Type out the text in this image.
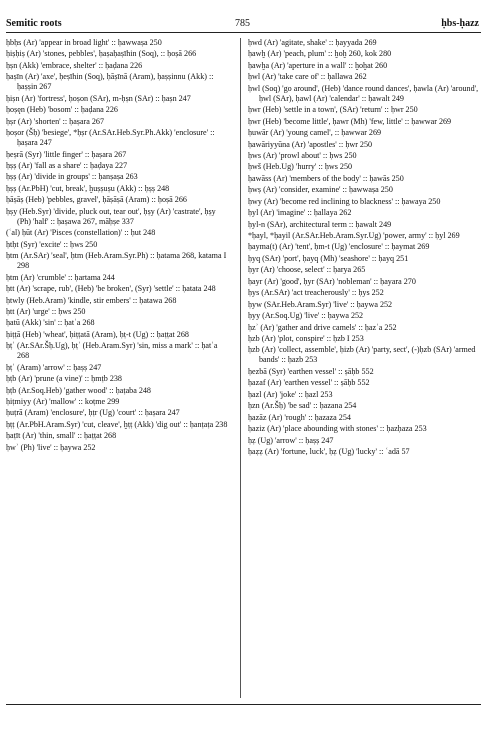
Semitic roots	785	ḥbs-ḥazz
ḥbḥs (Ar) 'appear in broad light' :: ḥawwaṣa 250
ḥiṣḥiṣ (Ar) 'stones, pebbles', ḥaṣaḥaṣīhin (Soq), :: ḥoṣā 266
ḥṣn (Akk) 'embrace, shelter' :: ḥaḍana 226
ḥaṣīn (Ar) 'axe', ḥeṣīhin (Soq), ḥāṣīnā (Aram), ḥaṣṣinnu (Akk) :: ḥaṣṣin 267
ḥiṣn (Ar) 'fortress', ḥoṣon (SAr), m-ḥṣn (SAr) :: ḥaṣn 247
ḥoṣęn (Heb) 'bosom' :: ḥaḍana 226
ḥṣr (Ar) 'shorten' :: ḥaṣara 267
ḥoṣor (Šḥ) 'besiege', *ḥṣr (Ar.SAr.Heb.Syr.Ph.Akk) 'enclosure' :: ḥaṣara 247
ḥeṣrā (Syr) 'little finger' :: ḥaṣara 267
ḥṣṣ (Ar) 'fall as a share' :: ḥaḍaya 227
ḥṣṣ (Ar) 'divide in groups' :: ḥanṣaṣa 263
ḥṣṣ (Ar.PbH) 'cut, break', ḫuṣṣuṣu (Akk) :: ḥṣṣ 248
ḥāṣāṣ (Heb) 'pebbles, gravel', ḥāṣāṣā (Aram) :: ḥoṣā 266
ḥṣy (Heb.Syr) 'divide, pluck out, tear out', ḥṣy (Ar) 'castrate', ḥṣy (Ph) 'half' :: ḥaṣawa 267, māḥṣe 337
(ʿal) ḥūt (Ar) 'Pisces (constellation)' :: ḥut 248
ḥtḥt (Syr) 'excite' :: ḥws 250
ḥtm (Ar.SAr) 'seal', ḥtm (Heb.Aram.Syr.Ph) :: ḥatama 268, katama I 298
ḥtm (Ar) 'crumble' :: ḥartama 244
ḥtt (Ar) 'scrape, rub', (Heb) 'be broken', (Syr) 'settle' :: ḥatata 248
ḥtwly (Heb.Aram) 'kindle, stir embers' :: ḥatawa 268
ḥtt (Ar) 'urge' :: ḥws 250
ḥatū (Akk) 'sin' :: ḥatʾa 268
ḥiṭṭā (Heb) 'wheat', ḥiṭṭatā (Aram), ḥṭ-t (Ug) :: ḥaṭṭat 268
ḥṭʾ (Ar.SAr.Šḥ.Ug), ḥṭʾ (Heb.Aram.Syr) 'sin, miss a mark' :: ḥatʾa 268
ḥṭʾ (Aram) 'arrow' :: ḥaṣṣ 247
ḥṭb (Ar) 'prune (a vine)' :: ḥmṭb 238
ḥṭb (Ar.Soq.Heb) 'gather wood' :: ḥaṭaba 248
ḥiṭmiyy (Ar) 'mallow' :: koṭme 299
ḥuṭrā (Aram) 'enclosure', ḥṭr (Ug) 'court' :: ḥaṣara 247
ḥṭṭ (Ar.PbH.Aram.Syr) 'cut, cleave', ḫṭṭ (Akk) 'dig out' :: ḥanṭaṭa 238
ḥaṭīt (Ar) 'thin, small' :: ḥaṭṭat 268
ḥwʾ (Ph) 'live' :: ḥaywa 252
ḥwd (Ar) 'agitate, shake' :: ḥayyada 269
ḥawḫ (Ar) 'peach, plum' :: ḫoḫ 260, kok 280
ḥawḫa (Ar) 'aperture in a wall' :: ḫoḫat 260
ḥwl (Ar) 'take care of' :: ḥallawa 262
ḥwl (Soq) 'go around', (Heb) 'dance round dances', ḥawla (Ar) 'around', ḥwl (SAr), ḥawl (Ar) 'calendar' :: ḥawalt 249
ḥwr (Heb) 'settle in a town', (SAr) 'return' :: ḥwr 250
ḥwr (Heb) 'become little', ḥawr (Mh) 'few, little' :: ḥawwar 269
ḥuwār (Ar) 'young camel', :: ḥawwar 269
ḥawāriyyūna (Ar) 'apostles' :: ḥwr 250
ḥws (Ar) 'prowl about' :: ḥws 250
ḥwš (Heb.Ug) 'hurry' :: ḥws 250
ḥawāss (Ar) 'members of the body' :: ḥawās 250
ḥwṣ (Ar) 'consider, examine' :: ḥawwaṣa 250
ḥwy (Ar) 'become red inclining to blackness' :: ḥawaya 250
ḥyl (Ar) 'imagine' :: ḥallaya 262
ḥyl-n (SAr), architectural term :: ḥawalt 249
*ḥayl, *ḥayil (Ar.SAr.Heb.Aram.Syr.Ug) 'power, army' :: ḥyl 269
ḥayma(t) (Ar) 'tent', ḥm-t (Ug) 'enclosure' :: ḥaymat 269
ḥyq (SAr) 'port', ḥayq (Mh) 'seashore' :: ḥayq 251
ḥyr (Ar) 'choose, select' :: ḥarya 265
ḥayr (Ar) 'good', ḥyr (SAr) 'nobleman' :: ḥayara 270
ḥys (Ar.SAr) 'act treacherously' :: ḥys 252
ḥyw (SAr.Heb.Aram.Syr) 'live' :: ḥaywa 252
ḥyy (Ar.Soq.Ug) 'live' :: ḥaywa 252
ḥzʾ (Ar) 'gather and drive camels' :: ḥazʾa 252
ḥzb (Ar) 'plot, conspire' :: ḥzb I 253
ḥzb (Ar) 'collect, assemble', ḥizb (Ar) 'party, sect', (-)ḥzb (SAr) 'armed bands' :: ḥazb 253
ḥezbā (Syr) 'earthen vessel' :: ṣāḥb 552
ḥazaf (Ar) 'earthen vessel' :: ṣāḥb 552
ḥazl (Ar) 'joke' :: ḥazl 253
ḥzn (Ar.Šḥ) 'be sad' :: ḥazana 254
ḥazāz (Ar) 'rough' :: ḥazaza 254
ḥaziz (Ar) 'place abounding with stones' :: ḥazḥaza 253
ḥẓ (Ug) 'arrow' :: ḥaṣṣ 247
ḥaẓẓ (Ar) 'fortune, luck', ḥẓ (Ug) 'lucky' :: ʿadā 57
